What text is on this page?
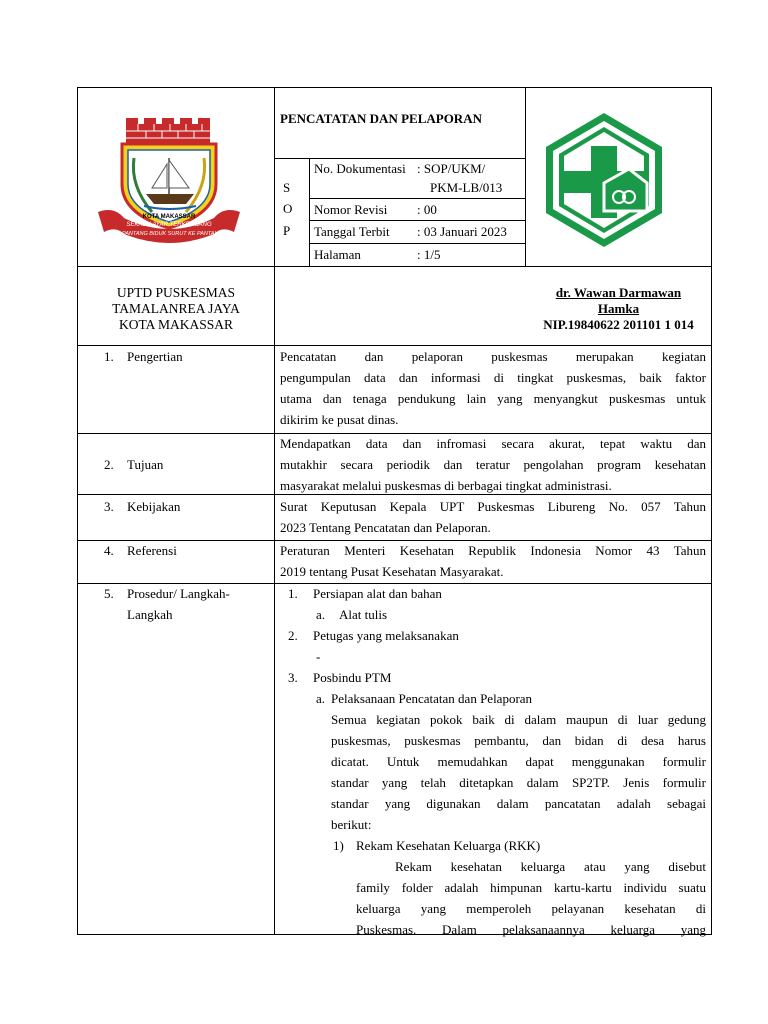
KOTA MAKASSAR
SEKALI LAYAR TERKEMBANG
PANTANG BIDUK SURUT KE PANTAI
PENCATATAN DAN PELAPORAN
S
O
P
No. Dokumentasi : SOP/UKM/
PKM-LB/013
Nomor Revisi : 00
Tanggal Terbit : 03 Januari 2023
Halaman	: 1/5
UPTD PUSKESMAS
TAMALANREA JAYA
KOTA MAKASSAR
dr. Wawan Darmawan
Hamka
NIP.19840622 201101 1 014
1. Pengertian	Pencatatan dan pelaporan puskesmas merupakan kegiatan
pengumpulan data dan informasi di tingkat puskesmas, baik faktor
utama dan tenaga pendukung lain yang menyangkut puskesmas untuk
dikirim ke pusat dinas.
2. Tujuan
Mendapatkan data dan infromasi secara akurat, tepat waktu dan
mutakhir secara periodik dan teratur pengolahan program kesehatan
masyarakat melalui puskesmas di berbagai tingkat administrasi.
3. Kebijakan	Surat Keputusan Kepala UPT Puskesmas Libureng No. 057 Tahun
2023 Tentang Pencatatan dan Pelaporan.
4. Referensi	Peraturan Menteri Kesehatan Republik Indonesia Nomor 43 Tahun
2019 tentang Pusat Kesehatan Masyarakat.
5. Prosedur/ Langkah-
Langkah
1. Persiapan alat dan bahan
a. Alat tulis
2. Petugas yang melaksanakan
-
3. Posbindu PTM
a. Pelaksanaan Pencatatan dan Pelaporan
Semua kegiatan pokok baik di dalam maupun di luar gedung
puskesmas, puskesmas pembantu, dan bidan di desa harus
dicatat. Untuk memudahkan dapat menggunakan formulir
standar yang telah ditetapkan dalam SP2TP. Jenis formulir
standar yang digunakan dalam pancatatan adalah sebagai
berikut:
1) Rekam Kesehatan Keluarga (RKK)
Rekam kesehatan keluarga atau yang disebut
family folder adalah himpunan kartu-kartu individu suatu
keluarga yang memperoleh pelayanan kesehatan di
Puskesmas. Dalam pelaksanaannya keluarga yang
